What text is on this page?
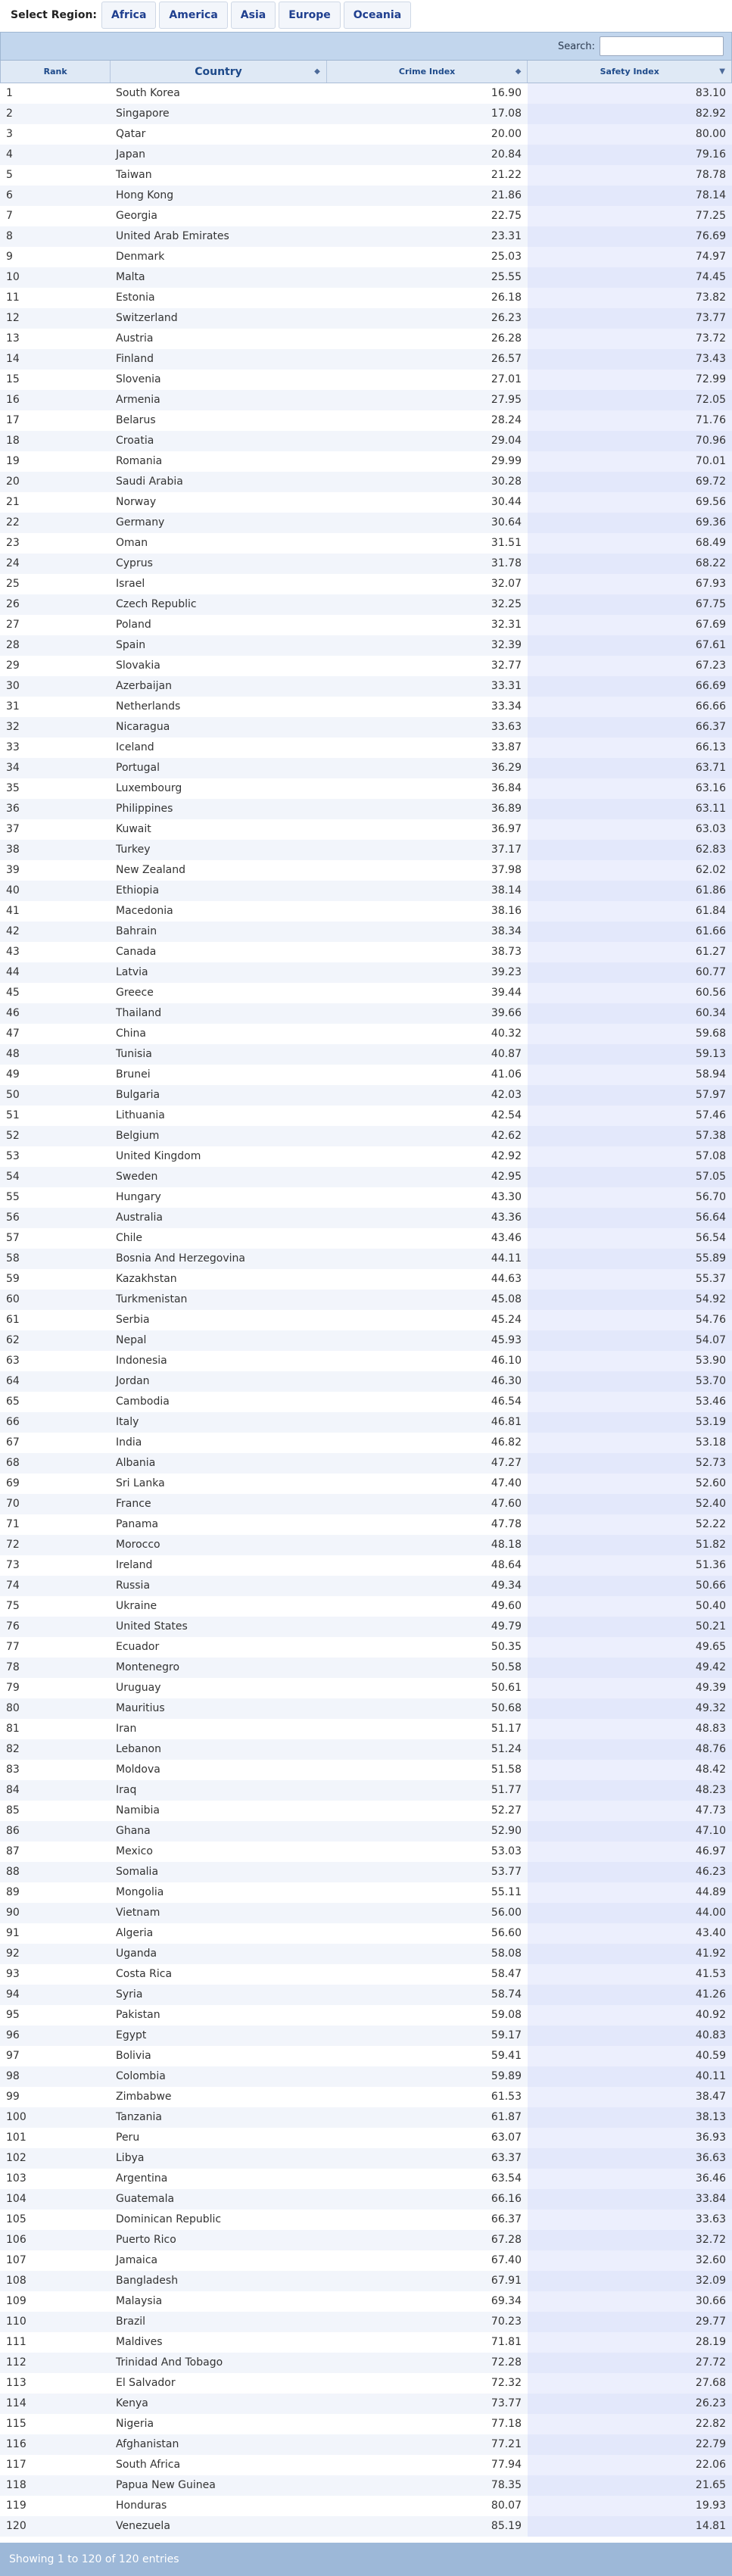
Select Region:	Africa	America	Asia	Europe	Oceania
Search:
Rank	Country	◆	Crime Index	◆	Safety Index	▼
1	South Korea	16.90	83.10
2	Singapore	17.08	82.92
3	Qatar	20.00	80.00
4	Japan	20.84	79.16
5	Taiwan	21.22	78.78
6	Hong Kong	21.86	78.14
7	Georgia	22.75	77.25
8	United Arab Emirates	23.31	76.69
9	Denmark	25.03	74.97
10	Malta	25.55	74.45
11	Estonia	26.18	73.82
12	Switzerland	26.23	73.77
13	Austria	26.28	73.72
14	Finland	26.57	73.43
15	Slovenia	27.01	72.99
16	Armenia	27.95	72.05
17	Belarus	28.24	71.76
18	Croatia	29.04	70.96
19	Romania	29.99	70.01
20	Saudi Arabia	30.28	69.72
21	Norway	30.44	69.56
22	Germany	30.64	69.36
23	Oman	31.51	68.49
24	Cyprus	31.78	68.22
25	Israel	32.07	67.93
26	Czech Republic	32.25	67.75
27	Poland	32.31	67.69
28	Spain	32.39	67.61
29	Slovakia	32.77	67.23
30	Azerbaijan	33.31	66.69
31	Netherlands	33.34	66.66
32	Nicaragua	33.63	66.37
33	Iceland	33.87	66.13
34	Portugal	36.29	63.71
35	Luxembourg	36.84	63.16
36	Philippines	36.89	63.11
37	Kuwait	36.97	63.03
38	Turkey	37.17	62.83
39	New Zealand	37.98	62.02
40	Ethiopia	38.14	61.86
41	Macedonia	38.16	61.84
42	Bahrain	38.34	61.66
43	Canada	38.73	61.27
44	Latvia	39.23	60.77
45	Greece	39.44	60.56
46	Thailand	39.66	60.34
47	China	40.32	59.68
48	Tunisia	40.87	59.13
49	Brunei	41.06	58.94
50	Bulgaria	42.03	57.97
51	Lithuania	42.54	57.46
52	Belgium	42.62	57.38
53	United Kingdom	42.92	57.08
54	Sweden	42.95	57.05
55	Hungary	43.30	56.70
56	Australia	43.36	56.64
57	Chile	43.46	56.54
58	Bosnia And Herzegovina	44.11	55.89
59	Kazakhstan	44.63	55.37
60	Turkmenistan	45.08	54.92
61	Serbia	45.24	54.76
62	Nepal	45.93	54.07
63	Indonesia	46.10	53.90
64	Jordan	46.30	53.70
65	Cambodia	46.54	53.46
66	Italy	46.81	53.19
67	India	46.82	53.18
68	Albania	47.27	52.73
69	Sri Lanka	47.40	52.60
70	France	47.60	52.40
71	Panama	47.78	52.22
72	Morocco	48.18	51.82
73	Ireland	48.64	51.36
74	Russia	49.34	50.66
75	Ukraine	49.60	50.40
76	United States	49.79	50.21
77	Ecuador	50.35	49.65
78	Montenegro	50.58	49.42
79	Uruguay	50.61	49.39
80	Mauritius	50.68	49.32
81	Iran	51.17	48.83
82	Lebanon	51.24	48.76
83	Moldova	51.58	48.42
84	Iraq	51.77	48.23
85	Namibia	52.27	47.73
86	Ghana	52.90	47.10
87	Mexico	53.03	46.97
88	Somalia	53.77	46.23
89	Mongolia	55.11	44.89
90	Vietnam	56.00	44.00
91	Algeria	56.60	43.40
92	Uganda	58.08	41.92
93	Costa Rica	58.47	41.53
94	Syria	58.74	41.26
95	Pakistan	59.08	40.92
96	Egypt	59.17	40.83
97	Bolivia	59.41	40.59
98	Colombia	59.89	40.11
99	Zimbabwe	61.53	38.47
100	Tanzania	61.87	38.13
101	Peru	63.07	36.93
102	Libya	63.37	36.63
103	Argentina	63.54	36.46
104	Guatemala	66.16	33.84
105	Dominican Republic	66.37	33.63
106	Puerto Rico	67.28	32.72
107	Jamaica	67.40	32.60
108	Bangladesh	67.91	32.09
109	Malaysia	69.34	30.66
110	Brazil	70.23	29.77
111	Maldives	71.81	28.19
112	Trinidad And Tobago	72.28	27.72
113	El Salvador	72.32	27.68
114	Kenya	73.77	26.23
115	Nigeria	77.18	22.82
116	Afghanistan	77.21	22.79
117	South Africa	77.94	22.06
118	Papua New Guinea	78.35	21.65
119	Honduras	80.07	19.93
120	Venezuela	85.19	14.81
Showing 1 to 120 of 120 entries
